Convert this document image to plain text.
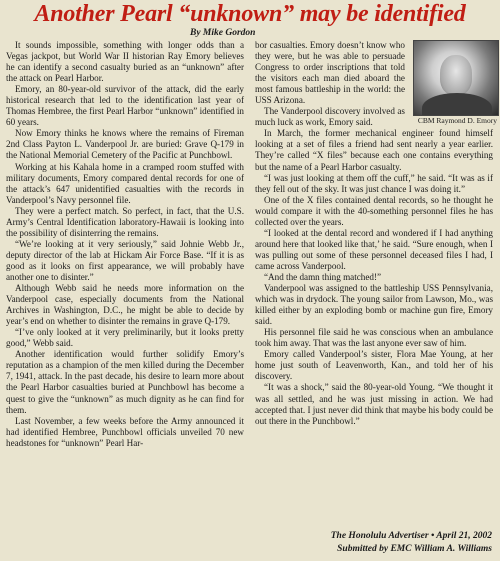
Another Pearl “unknown” may be identified
By Mike Gordon

It sounds impossible, something with longer odds than a Vegas jackpot, but World War II historian Ray Emory believes he can identify a second casualty buried as an “unknown” after the attack on Pearl Harbor.

Emory, an 80-year-old survivor of the attack, did the early historical research that led to the identification last year of Thomas Hembree, the first Pearl Harbor “unknown” identified in 60 years.

Now Emory thinks he knows where the remains of Fireman 2nd Class Payton L. Vanderpool Jr. are buried: Grave Q-179 in the National Memorial Cemetery of the Pacific at Punchbowl.

Working at his Kahala home in a cramped room stuffed with military documents, Emory compared dental records for one of the attack’s 647 unidentified casualties with the records in Vanderpool’s Navy personnel file.

They were a perfect match. So perfect, in fact, that the U.S. Army’s Central Identification laboratory-Hawaii is looking into the possibility of disinterring the remains.

“We’re looking at it very seriously,” said Johnie Webb Jr., deputy director of the lab at Hickam Air Force Base. “If it is as good as it looks on first appearance, we will probably have another one to disinter.”

Although Webb said he needs more information on the Vanderpool case, especially documents from the National Archives in Washington, D.C., he might be able to decide by year’s end on whether to disinter the remains in grave Q-179.

“I’ve only looked at it very preliminarily, but it looks pretty good,” Webb said.

Another identification would further solidify Emory’s reputation as a champion of the men killed during the December 7, 1941, attack. In the past decade, his desire to learn more about the Pearl Harbor casualties buried at Punchbowl has become a quest to give the “unknown” as much dignity as he can find for them.

Last November, a few weeks before the Army announced it had identified Hembree, Punchbowl officials unveiled 70 new headstones for “unknown” Pearl Har-

CBM Raymond D. Emory

bor casualties. Emory doesn’t know who they were, but he was able to persuade Congress to order inscriptions that told the visitors each man died aboard the most famous battleship in the world: the USS Arizona.

The Vanderpool discovery involved as much luck as work, Emory said.

In March, the former mechanical engineer found himself looking at a set of files a friend had sent nearly a year earlier. They’re called “X files” because each one contains everything but the name of a Pearl Harbor casualty.

“I was just looking at them off the cuff,” he said. “It was as if they fell out of the sky. It was just chance I was doing it.”

One of the X files contained dental records, so he thought he would compare it with the 40-something personnel files he has collected over the years.

“I looked at the dental record and wondered if I had anything around here that looked like that,’ he said. “Sure enough, when I was pulling out some of these personnel deceased files I had, I came across Vanderpool.

“And the damn thing matched!”

Vanderpool was assigned to the battleship USS Pennsylvania, which was in drydock. The young sailor from Lawson, Mo., was killed either by an exploding bomb or machine gun fire, Emory said.

His personnel file said he was conscious when an ambulance took him away. That was the last anyone ever saw of him.

Emory called Vanderpool’s sister, Flora Mae Young, at her home just south of Leavenworth, Kan., and told her of his discovery.

“It was a shock,” said the 80-year-old Young. “We thought it was all settled, and he was just missing in action. We had accepted that. I just never did think that maybe his body could be out there in the Punchbowl.”

The Honolulu Advertiser • April 21, 2002
Submitted by EMC William A. Williams
